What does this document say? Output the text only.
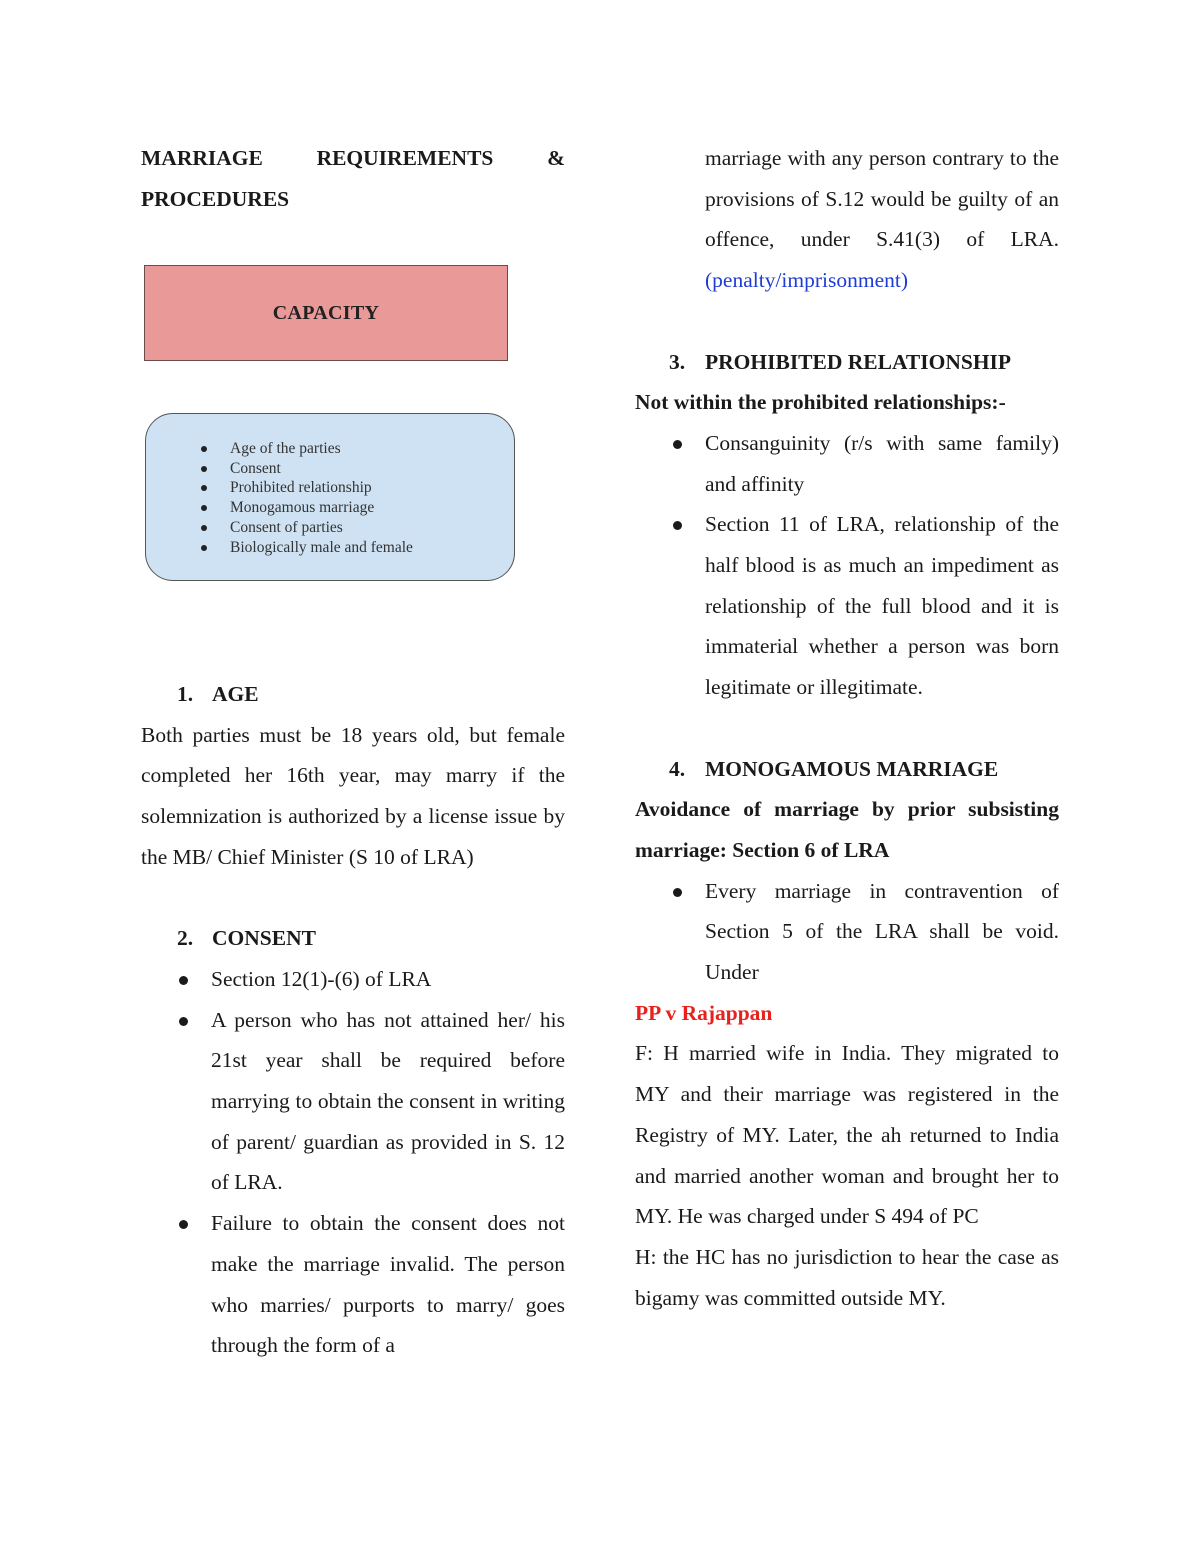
MARRIAGE REQUIREMENTS &

PROCEDURES

CAPACITY
Age of the parties
Consent
Prohibited relationship
Monogamous marriage
Consent of parties
Biologically male and female

1. AGE

Both parties must be 18 years old, but female completed her 16th year, may marry if the solemnization is authorized by a license issue by the MB/ Chief Minister (S 10 of LRA)

2. CONSENT

Section 12(1)-(6) of LRA
A person who has not attained her/ his 21st year shall be required before marrying to obtain the consent in writing of parent/ guardian as provided in S. 12 of LRA.
Failure to obtain the consent does not make the marriage invalid. The person who marries/ purports to marry/ goes through the form of a
marriage with any person contrary to the provisions of S.12 would be guilty of an offence, under S.41(3) of LRA. (penalty/imprisonment)

3. PROHIBITED RELATIONSHIP

Not within the prohibited relationships:-

Consanguinity (r/s with same family) and affinity
Section 11 of LRA, relationship of the half blood is as much an impediment as relationship of the full blood and it is immaterial whether a person was born legitimate or illegitimate.

4. MONOGAMOUS MARRIAGE

Avoidance of marriage by prior subsisting marriage: Section 6 of LRA

Every marriage in contravention of Section 5 of the LRA shall be void. Under

PP v Rajappan

F: H married wife in India. They migrated to MY and their marriage was registered in the Registry of MY. Later, the ah returned to India and married another woman and brought her to MY. He was charged under S 494 of PC

H: the HC has no jurisdiction to hear the case as bigamy was committed outside MY.
